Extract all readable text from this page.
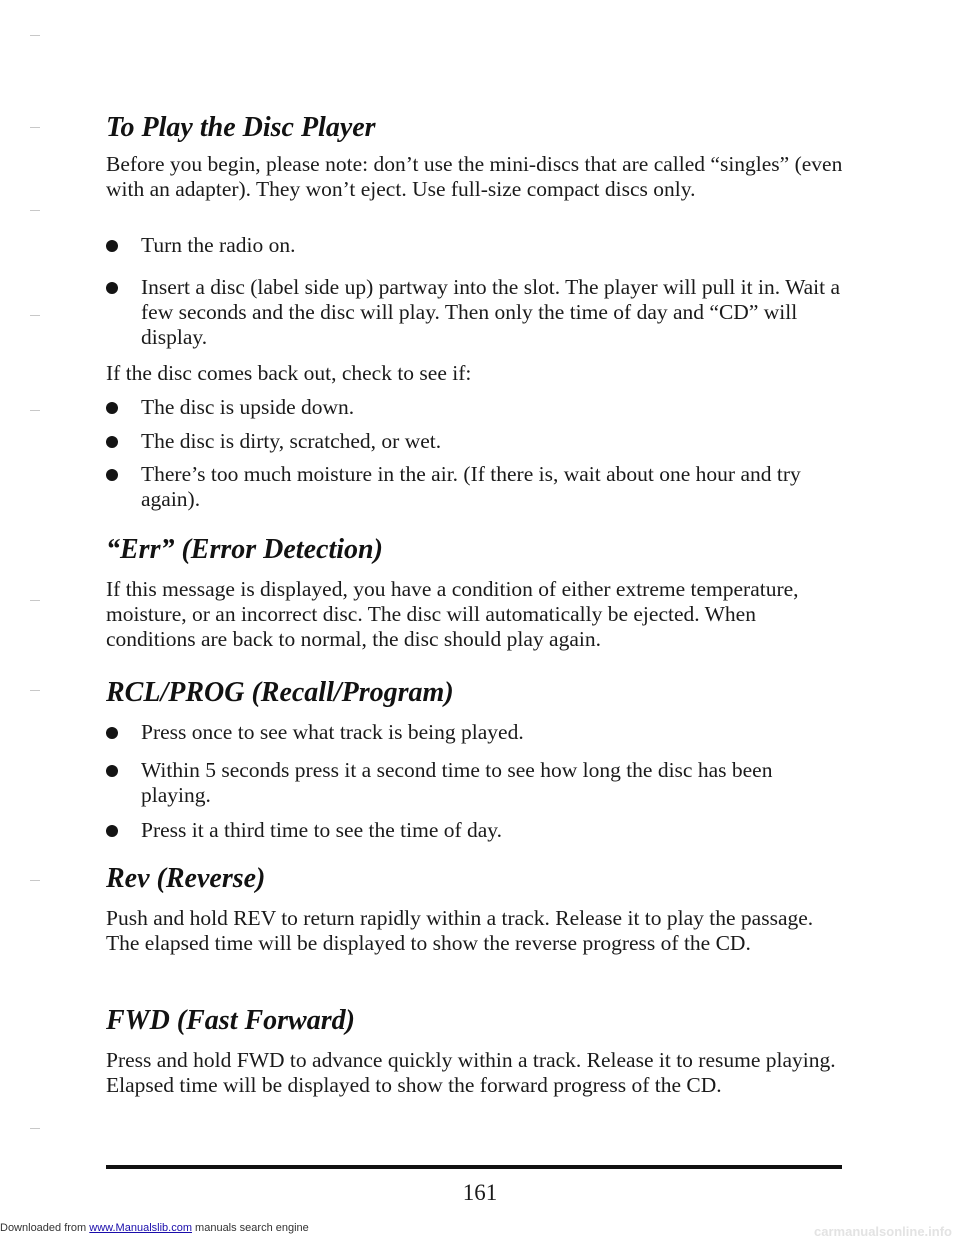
To Play the Disc Player

Before you begin, please note: don’t use the mini-discs that are called “singles” (even with an adapter). They won’t eject. Use full-size compact discs only.

Turn the radio on.
Insert a disc (label side up) partway into the slot. The player will pull it in. Wait a few seconds and the disc will play. Then only the time of day and “CD” will display.

If the disc comes back out, check to see if:

The disc is upside down.
The disc is dirty, scratched, or wet.
There’s too much moisture in the air. (If there is, wait about one hour and try again).
“Err” (Error Detection)

If this message is displayed, you have a condition of either extreme temperature, moisture, or an incorrect disc. The disc will automatically be ejected. When conditions are back to normal, the disc should play again.

RCL/PROG (Recall/Program)
Press once to see what track is being played.
Within 5 seconds press it a second time to see how long the disc has been playing.
Press it a third time to see the time of day.
Rev (Reverse)

Push and hold REV to return rapidly within a track. Release it to play the passage. The elapsed time will be displayed to show the reverse progress of the CD.

FWD (Fast Forward)

Press and hold FWD to advance quickly within a track. Release it to resume playing. Elapsed time will be displayed to show the forward progress of the CD.

161
Downloaded from www.Manualslib.com manuals search engine	carmanualsonline.info
